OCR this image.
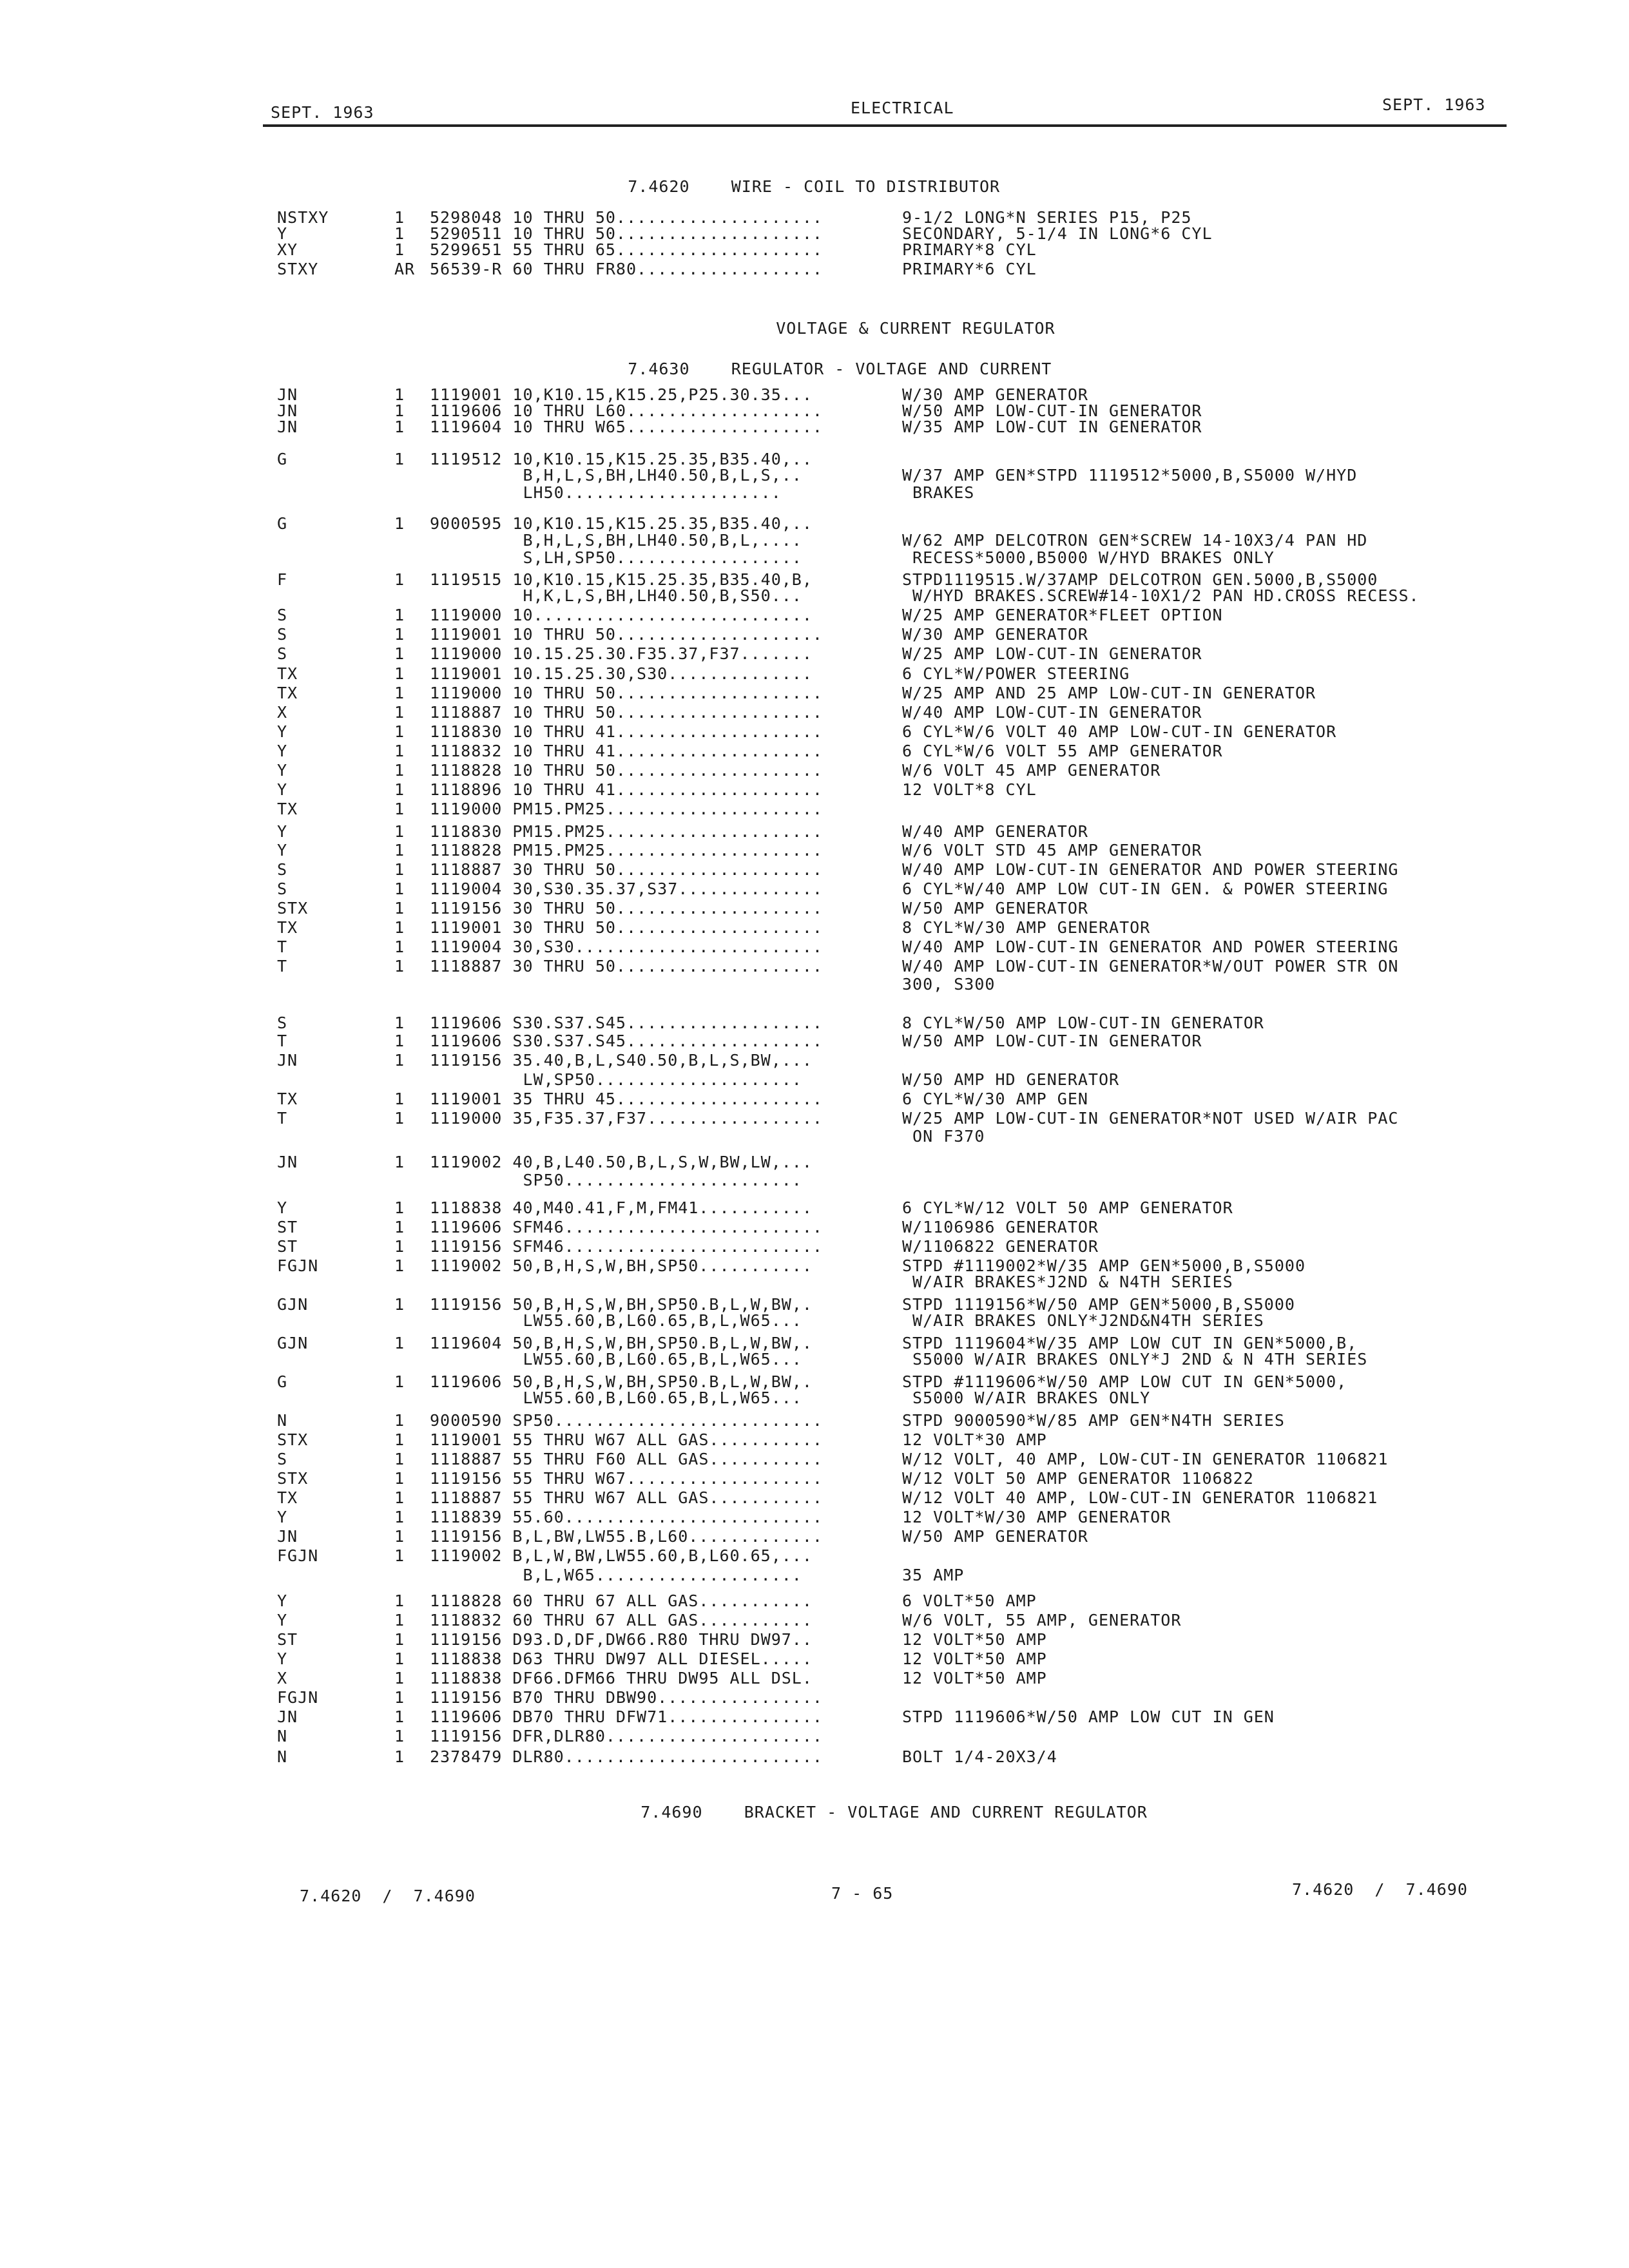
SEPT. 1963	ELECTRICAL	SEPT. 1963

7.4620	WIRE - COIL TO DISTRIBUTOR

VOLTAGE & CURRENT REGULATOR

7.4630	REGULATOR - VOLTAGE AND CURRENT

7.4690	BRACKET - VOLTAGE AND CURRENT REGULATOR

NSTXY	1 5298048 10 THRU 50....................	9-1/2 LONG*N SERIES P15, P25
Y	1 5290511 10 THRU 50....................	SECONDARY, 5-1/4 IN LONG*6 CYL
XY	1 5299651 55 THRU 65....................	PRIMARY*8 CYL
STXY	AR 56539-R 60 THRU FR80..................	PRIMARY*6 CYL
JN	1 1119001 10,K10.15,K15.25,P25.30.35...	W/30 AMP GENERATOR
JN	1 1119606 10 THRU L60...................	W/50 AMP LOW-CUT-IN GENERATOR
JN	1 1119604 10 THRU W65...................	W/35 AMP LOW-CUT IN GENERATOR
G	1 1119512 10,K10.15,K15.25.35,B35.40,..
B,H,L,S,BH,LH40.50,B,L,S,..	W/37 AMP GEN*STPD 1119512*5000,B,S5000 W/HYD
LH50.....................	BRAKES
G	1 9000595 10,K10.15,K15.25.35,B35.40,..
B,H,L,S,BH,LH40.50,B,L,....	W/62 AMP DELCOTRON GEN*SCREW 14-10X3/4 PAN HD
S,LH,SP50..................	RECESS*5000,B5000 W/HYD BRAKES ONLY
F	1 1119515 10,K10.15,K15.25.35,B35.40,B,	STPD1119515.W/37AMP DELCOTRON GEN.5000,B,S5000
H,K,L,S,BH,LH40.50,B,S50...	W/HYD BRAKES.SCREW#14-10X1/2 PAN HD.CROSS RECESS.
S	1 1119000 10...........................	W/25 AMP GENERATOR*FLEET OPTION
S	1 1119001 10 THRU 50....................	W/30 AMP GENERATOR
S	1 1119000 10.15.25.30.F35.37,F37.......	W/25 AMP LOW-CUT-IN GENERATOR
TX	1 1119001 10.15.25.30,S30..............	6 CYL*W/POWER STEERING
TX	1 1119000 10 THRU 50....................	W/25 AMP AND 25 AMP LOW-CUT-IN GENERATOR
X	1 1118887 10 THRU 50....................	W/40 AMP LOW-CUT-IN GENERATOR
Y	1 1118830 10 THRU 41....................	6 CYL*W/6 VOLT 40 AMP LOW-CUT-IN GENERATOR
Y	1 1118832 10 THRU 41....................	6 CYL*W/6 VOLT 55 AMP GENERATOR
Y	1 1118828 10 THRU 50....................	W/6 VOLT 45 AMP GENERATOR
Y	1 1118896 10 THRU 41....................	12 VOLT*8 CYL
TX	1 1119000 PM15.PM25.....................
Y	1 1118830 PM15.PM25.....................	W/40 AMP GENERATOR
Y	1 1118828 PM15.PM25.....................	W/6 VOLT STD 45 AMP GENERATOR
S	1 1118887 30 THRU 50....................	W/40 AMP LOW-CUT-IN GENERATOR AND POWER STEERING
S	1 1119004 30,S30.35.37,S37..............	6 CYL*W/40 AMP LOW CUT-IN GEN. & POWER STEERING
STX	1 1119156 30 THRU 50....................	W/50 AMP GENERATOR
TX	1 1119001 30 THRU 50....................	8 CYL*W/30 AMP GENERATOR
T	1 1119004 30,S30........................	W/40 AMP LOW-CUT-IN GENERATOR AND POWER STEERING
T	1 1118887 30 THRU 50....................	W/40 AMP LOW-CUT-IN GENERATOR*W/OUT POWER STR ON

300, S300
S	1 1119606 S30.S37.S45...................	8 CYL*W/50 AMP LOW-CUT-IN GENERATOR
T	1 1119606 S30.S37.S45...................	W/50 AMP LOW-CUT-IN GENERATOR
JN	1 1119156 35.40,B,L,S40.50,B,L,S,BW,...
LW,SP50....................	W/50 AMP HD GENERATOR
TX	1 1119001 35 THRU 45....................	6 CYL*W/30 AMP GEN
T	1 1119000 35,F35.37,F37.................	W/25 AMP LOW-CUT-IN GENERATOR*NOT USED W/AIR PAC

ON F370
JN	1 1119002 40,B,L40.50,B,L,S,W,BW,LW,...
SP50.......................
Y	1 1118838 40,M40.41,F,M,FM41...........	6 CYL*W/12 VOLT 50 AMP GENERATOR
ST	1 1119606 SFM46.........................	W/1106986 GENERATOR
ST	1 1119156 SFM46.........................	W/1106822 GENERATOR
FGJN	1 1119002 50,B,H,S,W,BH,SP50...........	STPD #1119002*W/35 AMP GEN*5000,B,S5000

W/AIR BRAKES*J2ND & N4TH SERIES
GJN	1 1119156 50,B,H,S,W,BH,SP50.B,L,W,BW,.	STPD 1119156*W/50 AMP GEN*5000,B,S5000
LW55.60,B,L60.65,B,L,W65...	W/AIR BRAKES ONLY*J2ND&N4TH SERIES
GJN	1 1119604 50,B,H,S,W,BH,SP50.B,L,W,BW,.	STPD 1119604*W/35 AMP LOW CUT IN GEN*5000,B,
LW55.60,B,L60.65,B,L,W65...	S5000 W/AIR BRAKES ONLY*J 2ND & N 4TH SERIES
G	1 1119606 50,B,H,S,W,BH,SP50.B,L,W,BW,.	STPD #1119606*W/50 AMP LOW CUT IN GEN*5000,
LW55.60,B,L60.65,B,L,W65...	S5000 W/AIR BRAKES ONLY
N	1 9000590 SP50..........................	STPD 9000590*W/85 AMP GEN*N4TH SERIES
STX	1 1119001 55 THRU W67 ALL GAS...........	12 VOLT*30 AMP
S	1 1118887 55 THRU F60 ALL GAS...........	W/12 VOLT, 40 AMP, LOW-CUT-IN GENERATOR 1106821
STX	1 1119156 55 THRU W67...................	W/12 VOLT 50 AMP GENERATOR 1106822
TX	1 1118887 55 THRU W67 ALL GAS...........	W/12 VOLT 40 AMP, LOW-CUT-IN GENERATOR 1106821
Y	1 1118839 55.60.........................	12 VOLT*W/30 AMP GENERATOR
JN	1 1119156 B,L,BW,LW55.B,L60.............	W/50 AMP GENERATOR
FGJN	1 1119002 B,L,W,BW,LW55.60,B,L60.65,...
B,L,W65....................	35 AMP
Y	1 1118828 60 THRU 67 ALL GAS...........	6 VOLT*50 AMP
Y	1 1118832 60 THRU 67 ALL GAS...........	W/6 VOLT, 55 AMP, GENERATOR
ST	1 1119156 D93.D,DF,DW66.R80 THRU DW97..	12 VOLT*50 AMP
Y	1 1118838 D63 THRU DW97 ALL DIESEL.....	12 VOLT*50 AMP
X	1 1118838 DF66.DFM66 THRU DW95 ALL DSL.	12 VOLT*50 AMP
FGJN	1 1119156 B70 THRU DBW90................
JN	1 1119606 DB70 THRU DFW71...............	STPD 1119606*W/50 AMP LOW CUT IN GEN
N	1 1119156 DFR,DLR80.....................
N	1 2378479 DLR80.........................	BOLT 1/4-20X3/4
7.4620  /  7.4690	7 - 65	7.4620  /  7.4690
